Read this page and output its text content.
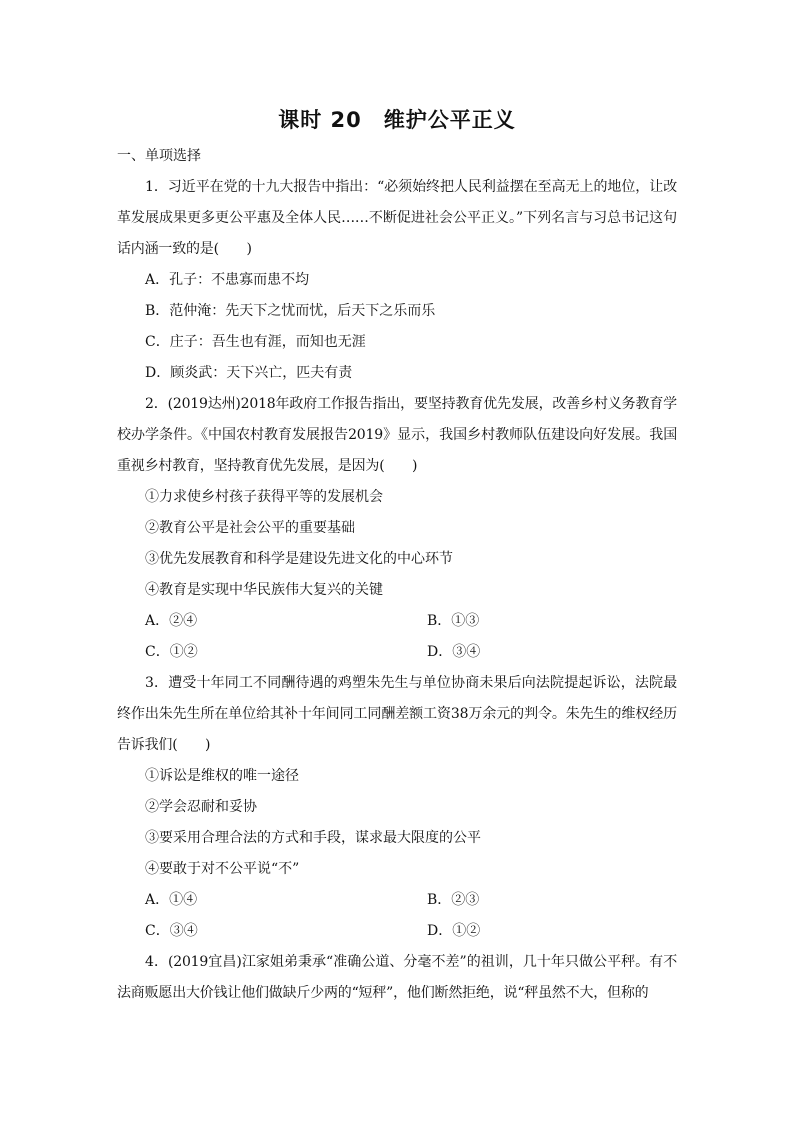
课时 20 维护公平正义
一、单项选择
1．习近平在党的十九大报告中指出：“必须始终把人民利益摆在至高无上的地位，让改革发展成果更多更公平惠及全体人民……不断促进社会公平正义。”下列名言与习总书记这句话内涵一致的是(　　)
A．孔子：不患寡而患不均
B．范仲淹：先天下之忧而忧，后天下之乐而乐
C．庄子：吾生也有涯，而知也无涯
D．顾炎武：天下兴亡，匹夫有责
2．(2019达州)2018年政府工作报告指出，要坚持教育优先发展，改善乡村义务教育学校办学条件。《中国农村教育发展报告2019》显示，我国乡村教师队伍建设向好发展。我国重视乡村教育，坚持教育优先发展，是因为(　　)
①力求使乡村孩子获得平等的发展机会
②教育公平是社会公平的重要基础
③优先发展教育和科学是建设先进文化的中心环节
④教育是实现中华民族伟大复兴的关键
A．②④	B．①③
C．①②	D．③④
3．遭受十年同工不同酬待遇的鸡塑朱先生与单位协商未果后向法院提起诉讼，法院最终作出朱先生所在单位给其补十年间同工同酬差额工资38万余元的判令。朱先生的维权经历告诉我们(　　)
①诉讼是维权的唯一途径
②学会忍耐和妥协
③要采用合理合法的方式和手段，谋求最大限度的公平
④要敢于对不公平说“不”
A．①④	B．②③
C．③④	D．①②
4．(2019宜昌)江家姐弟秉承“准确公道、分毫不差”的祖训，几十年只做公平秤。有不法商贩愿出大价钱让他们做缺斤少两的“短秤”，他们断然拒绝，说“秤虽然不大，但称的
